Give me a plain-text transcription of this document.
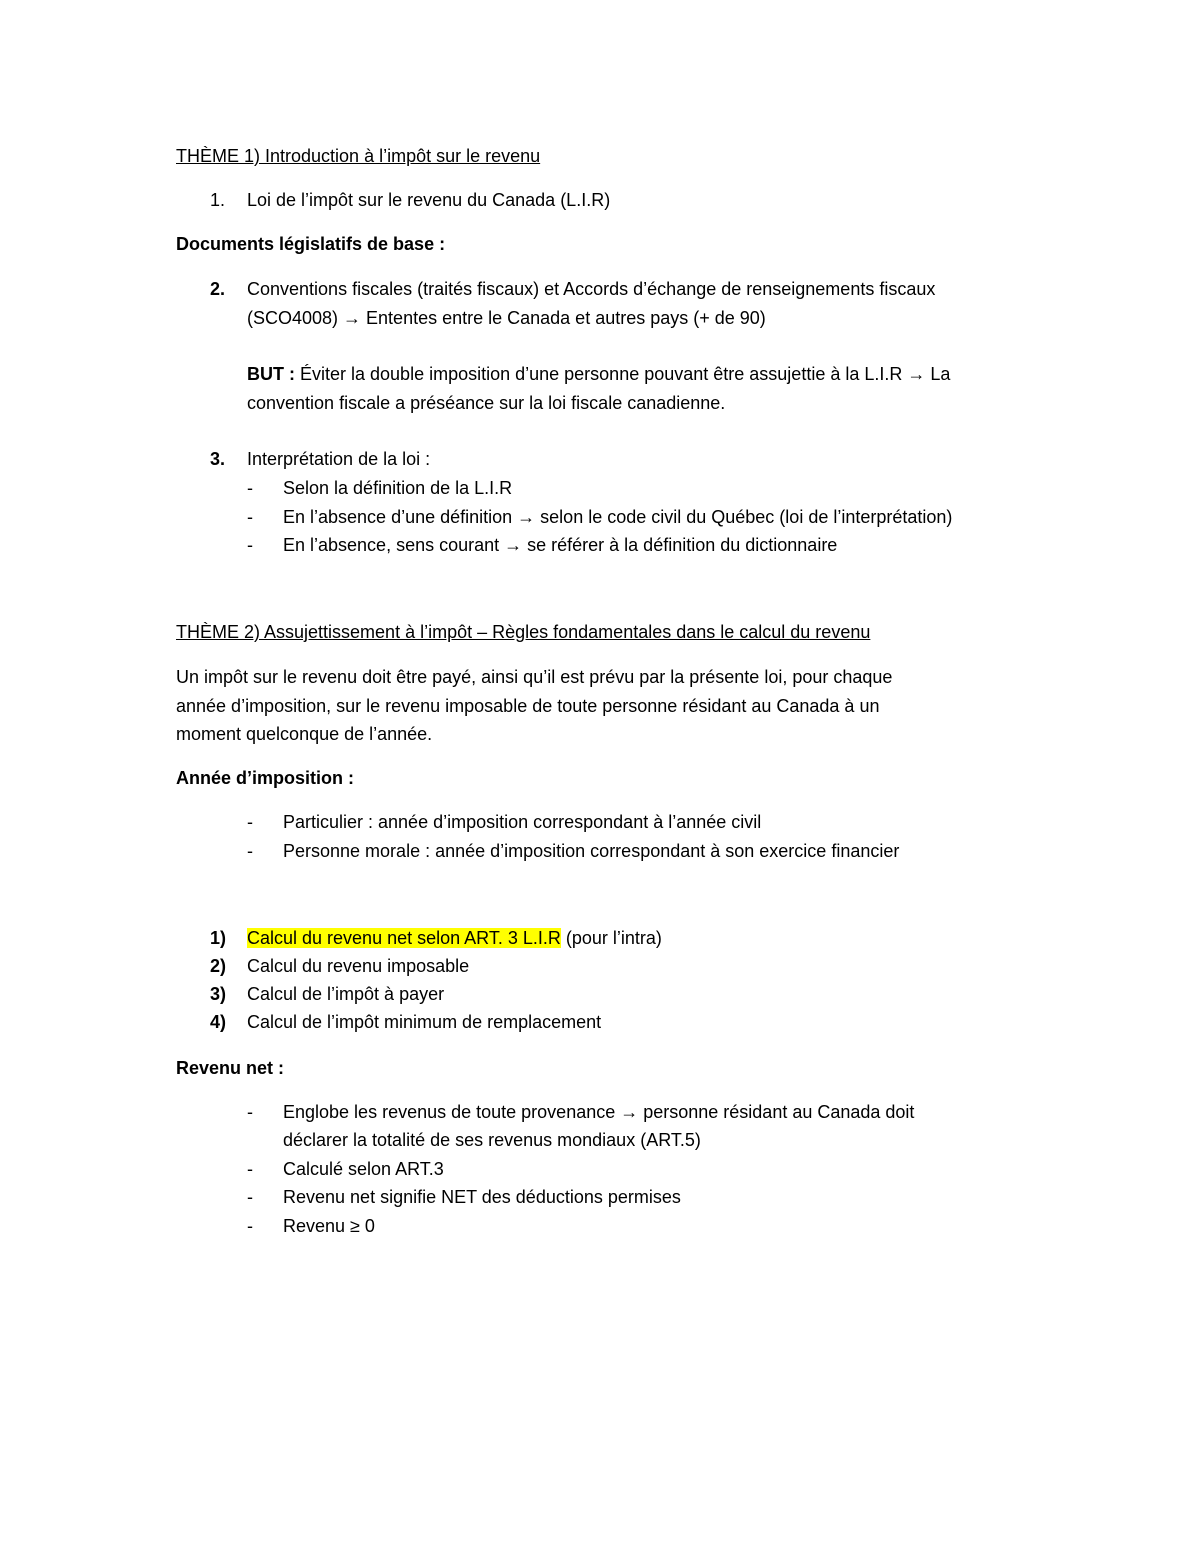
THÈME 1) Introduction à l’impôt sur le revenu
1. Loi de l’impôt sur le revenu du Canada (L.I.R)
Documents législatifs de base :
2. Conventions fiscales (traités fiscaux) et Accords d’échange de renseignements fiscaux
(SCO4008) → Ententes entre le Canada et autres pays (+ de 90)
BUT : Éviter la double imposition d’une personne pouvant être assujettie à la L.I.R → La
convention fiscale a préséance sur la loi fiscale canadienne.
3. Interprétation de la loi :
- Selon la définition de la L.I.R
- En l’absence d’une définition → selon le code civil du Québec (loi de l’interprétation)
- En l’absence, sens courant → se référer à la définition du dictionnaire
THÈME 2) Assujettissement à l’impôt – Règles fondamentales dans le calcul du revenu
Un impôt sur le revenu doit être payé, ainsi qu’il est prévu par la présente loi, pour chaque
année d’imposition, sur le revenu imposable de toute personne résidant au Canada à un
moment quelconque de l’année.
Année d’imposition :
- Particulier : année d’imposition correspondant à l’année civil
- Personne morale : année d’imposition correspondant à son exercice financier
1) Calcul du revenu net selon ART. 3 L.I.R (pour l’intra)
2) Calcul du revenu imposable
3) Calcul de l’impôt à payer
4) Calcul de l’impôt minimum de remplacement
Revenu net :
- Englobe les revenus de toute provenance → personne résidant au Canada doit
déclarer la totalité de ses revenus mondiaux (ART.5)
- Calculé selon ART.3
- Revenu net signifie NET des déductions permises
- Revenu ≥ 0
